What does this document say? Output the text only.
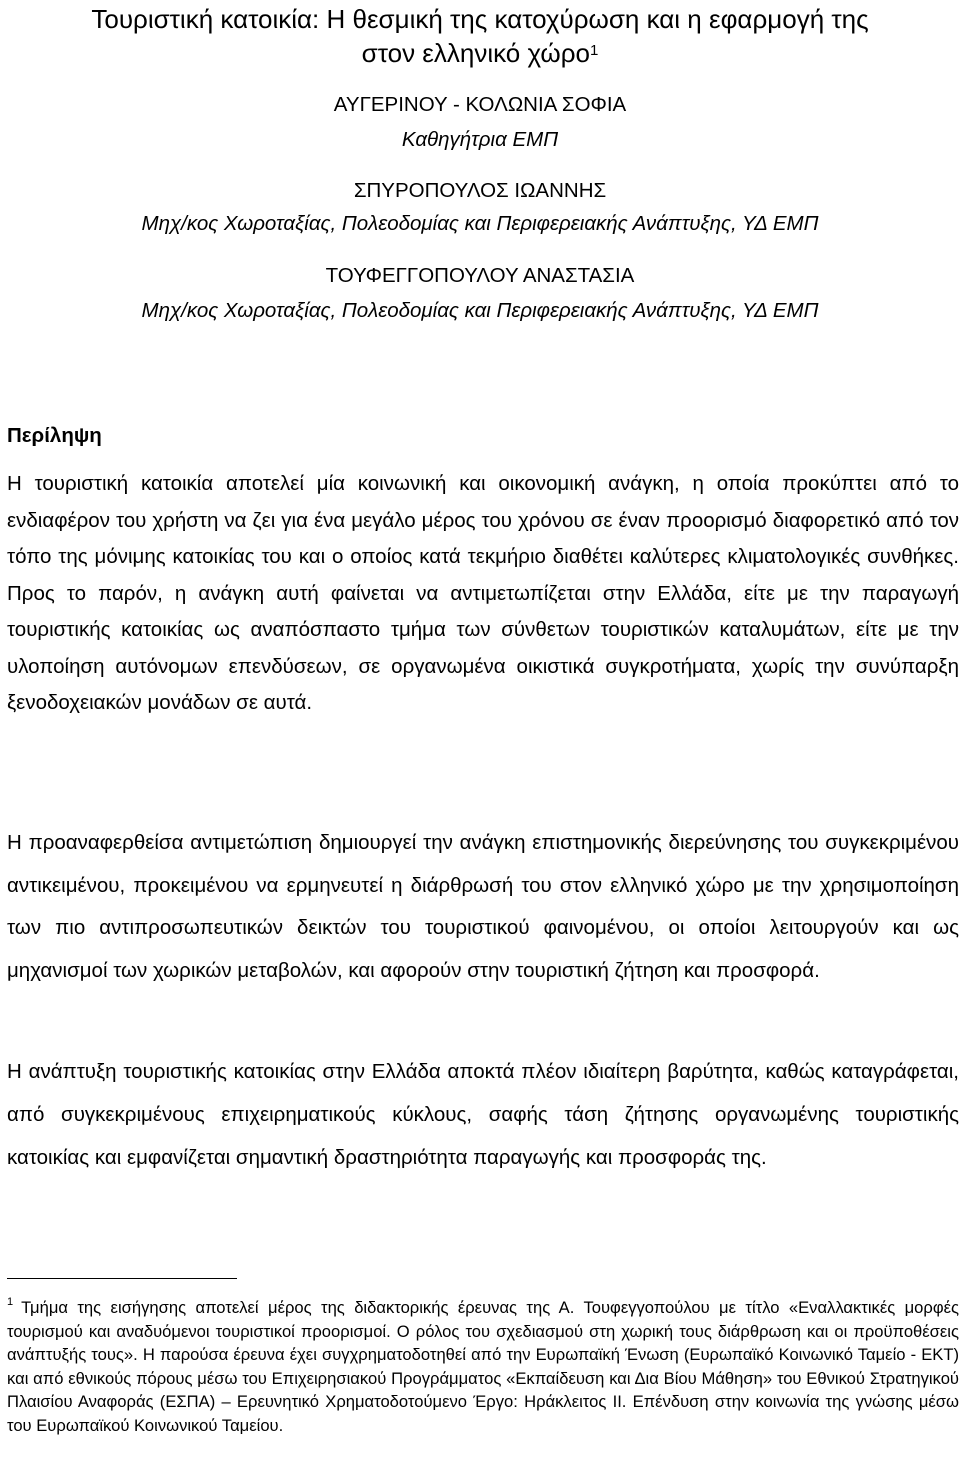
Τουριστική κατοικία: Η θεσμική της κατοχύρωση και η εφαρμογή της
στον ελληνικό χώρο$^1$
ΑΥΓΕΡΙΝΟΥ - ΚΟΛΩΝΙΑ ΣΟΦΙΑ
Καθηγήτρια ΕΜΠ
ΣΠΥΡΟΠΟΥΛΟΣ ΙΩΑΝΝΗΣ
Μηχ/κος Χωροταξίας, Πολεοδομίας και Περιφερειακής Ανάπτυξης, ΥΔ ΕΜΠ
ΤΟΥΦΕΓΓΟΠΟΥΛΟΥ ΑΝΑΣΤΑΣΙΑ
Μηχ/κος Χωροταξίας, Πολεοδομίας και Περιφερειακής Ανάπτυξης, ΥΔ ΕΜΠ
Περίληψη

Η τουριστική κατοικία αποτελεί μία κοινωνική και οικονομική ανάγκη, η οποία προκύπτει από το ενδιαφέρον του χρήστη να ζει για ένα μεγάλο μέρος του χρόνου σε έναν προορισμό διαφορετικό από τον τόπο της μόνιμης κατοικίας του και ο οποίος κατά τεκμήριο διαθέτει καλύτερες κλιματολογικές συνθήκες. Προς το παρόν, η ανάγκη αυτή φαίνεται να αντιμετωπίζεται στην Ελλάδα, είτε με την παραγωγή τουριστικής κατοικίας ως αναπόσπαστο τμήμα των σύνθετων τουριστικών καταλυμάτων, είτε με την υλοποίηση αυτόνομων επενδύσεων, σε οργανωμένα οικιστικά συγκροτήματα, χωρίς την συνύπαρξη ξενοδοχειακών μονάδων σε αυτά.

Η προαναφερθείσα αντιμετώπιση δημιουργεί την ανάγκη επιστημονικής διερεύνησης του συγκεκριμένου αντικειμένου, προκειμένου να ερμηνευτεί η διάρθρωσή του στον ελληνικό χώρο με την χρησιμοποίηση των πιο αντιπροσωπευτικών δεικτών του τουριστικού φαινομένου, οι οποίοι λειτουργούν και ως μηχανισμοί των χωρικών μεταβολών, και αφορούν στην τουριστική ζήτηση και προσφορά.

Η ανάπτυξη τουριστικής κατοικίας στην Ελλάδα αποκτά πλέον ιδιαίτερη βαρύτητα, καθώς καταγράφεται, από συγκεκριμένους επιχειρηματικούς κύκλους, σαφής τάση ζήτησης οργανωμένης τουριστικής κατοικίας και εμφανίζεται σημαντική δραστηριότητα παραγωγής και προσφοράς της.

$^1$ Τμήμα της εισήγησης αποτελεί μέρος της διδακτορικής έρευνας της Α. Τουφεγγοπούλου με τίτλο «Εναλλακτικές μορφές τουρισμού και αναδυόμενοι τουριστικοί προορισμοί. Ο ρόλος του σχεδιασμού στη χωρική τους διάρθρωση και οι προϋποθέσεις ανάπτυξής τους». Η παρούσα έρευνα έχει συγχρηματοδοτηθεί από την Ευρωπαϊκή Ένωση (Ευρωπαϊκό Κοινωνικό Ταμείο - ΕΚΤ) και από εθνικούς πόρους μέσω του Επιχειρησιακού Προγράμματος «Εκπαίδευση και Δια Βίου Μάθηση» του Εθνικού Στρατηγικού Πλαισίου Αναφοράς (ΕΣΠΑ) – Ερευνητικό Χρηματοδοτούμενο Έργο: Ηράκλειτος ΙΙ. Επένδυση στην κοινωνία της γνώσης μέσω του Ευρωπαϊκού Κοινωνικού Ταμείου.
